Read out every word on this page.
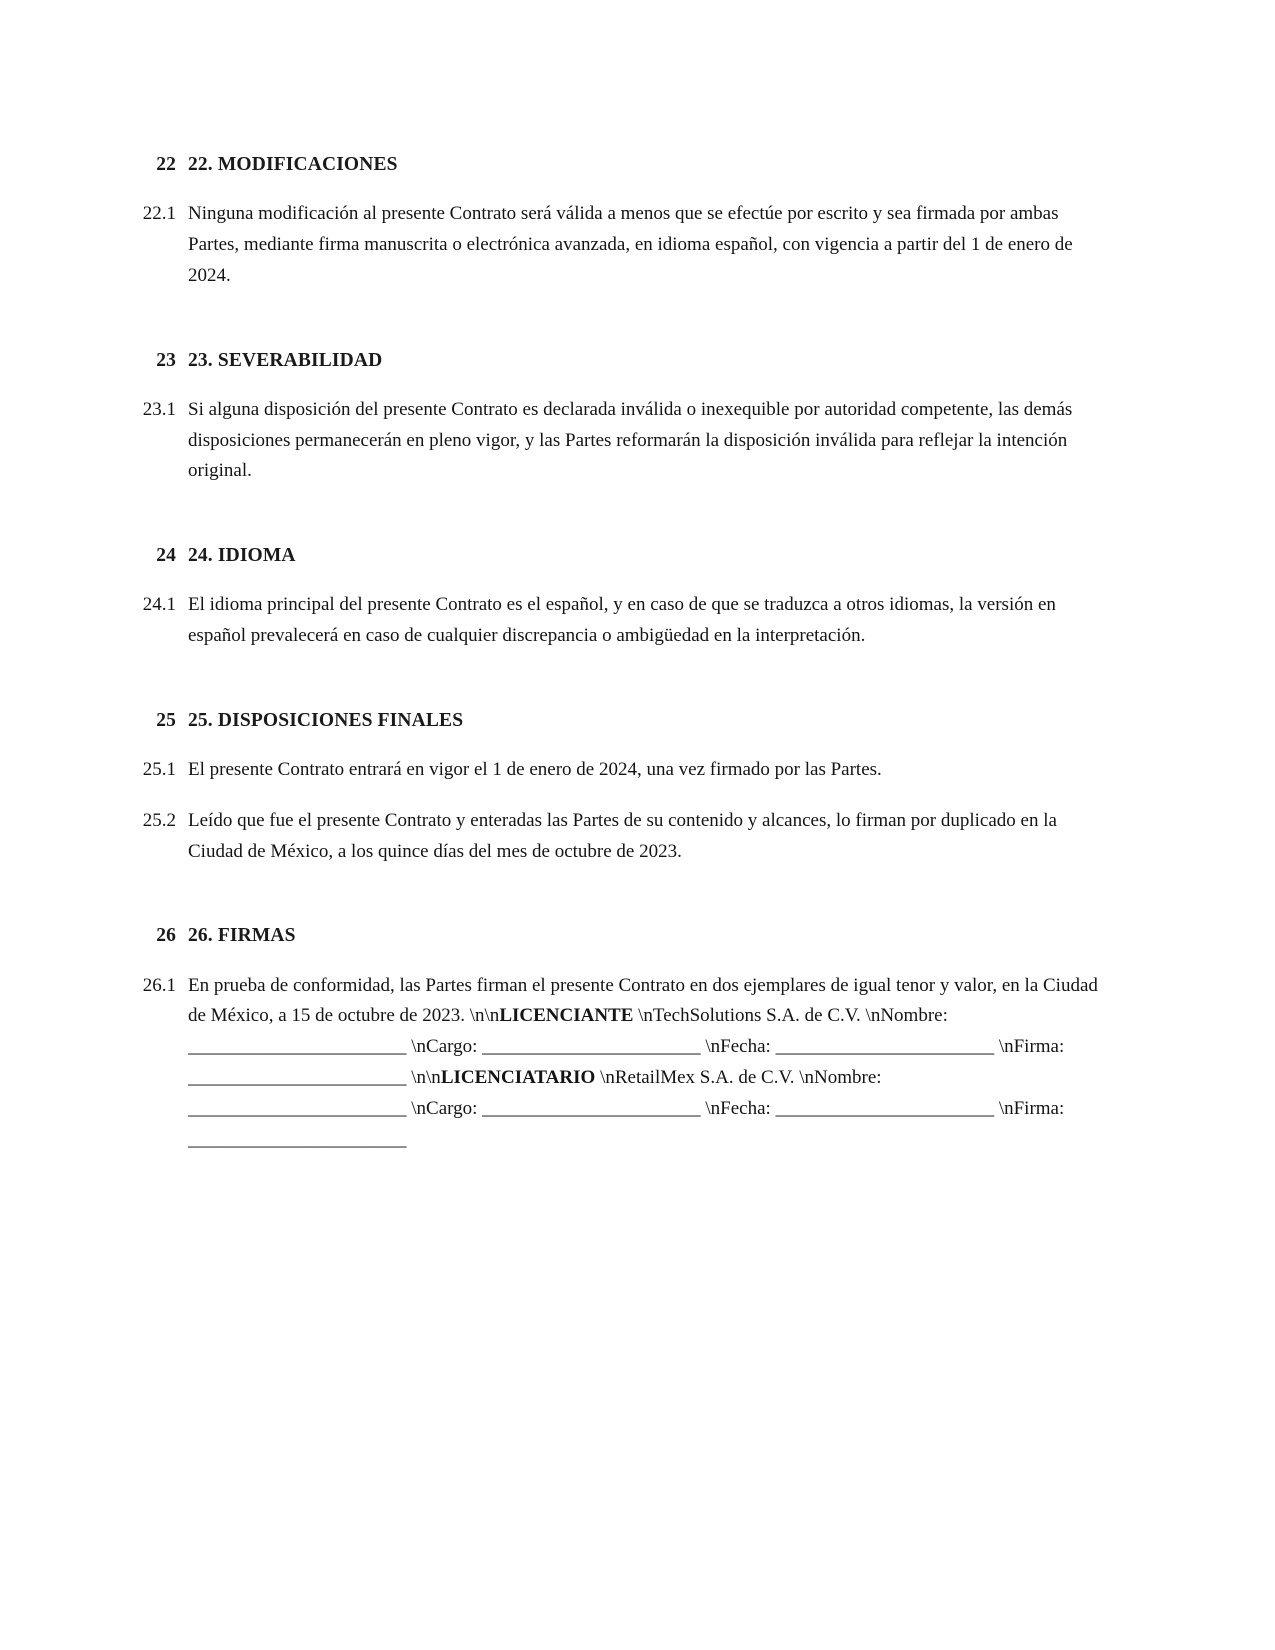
22 22. MODIFICACIONES
22.1 Ninguna modificación al presente Contrato será válida a menos que se efectúe por escrito y sea firmada por ambas Partes, mediante firma manuscrita o electrónica avanzada, en idioma español, con vigencia a partir del 1 de enero de 2024.
23 23. SEVERABILIDAD
23.1 Si alguna disposición del presente Contrato es declarada inválida o inexequible por autoridad competente, las demás disposiciones permanecerán en pleno vigor, y las Partes reformarán la disposición inválida para reflejar la intención original.
24 24. IDIOMA
24.1 El idioma principal del presente Contrato es el español, y en caso de que se traduzca a otros idiomas, la versión en español prevalecerá en caso de cualquier discrepancia o ambigüedad en la interpretación.
25 25. DISPOSICIONES FINALES
25.1 El presente Contrato entrará en vigor el 1 de enero de 2024, una vez firmado por las Partes.
25.2 Leído que fue el presente Contrato y enteradas las Partes de su contenido y alcances, lo firman por duplicado en la Ciudad de México, a los quince días del mes de octubre de 2023.
26 26. FIRMAS
26.1 En prueba de conformidad, las Partes firman el presente Contrato en dos ejemplares de igual tenor y valor, en la Ciudad de México, a 15 de octubre de 2023. \n\nLICENCIANTE \nTechSolutions S.A. de C.V. \nNombre: _______________________ \nCargo: _______________________ \nFecha: _______________________ \nFirma: _______________________ \n\nLICENCIATARIO \nRetailMex S.A. de C.V. \nNombre: _______________________ \nCargo: _______________________ \nFecha: _______________________ \nFirma: _______________________
